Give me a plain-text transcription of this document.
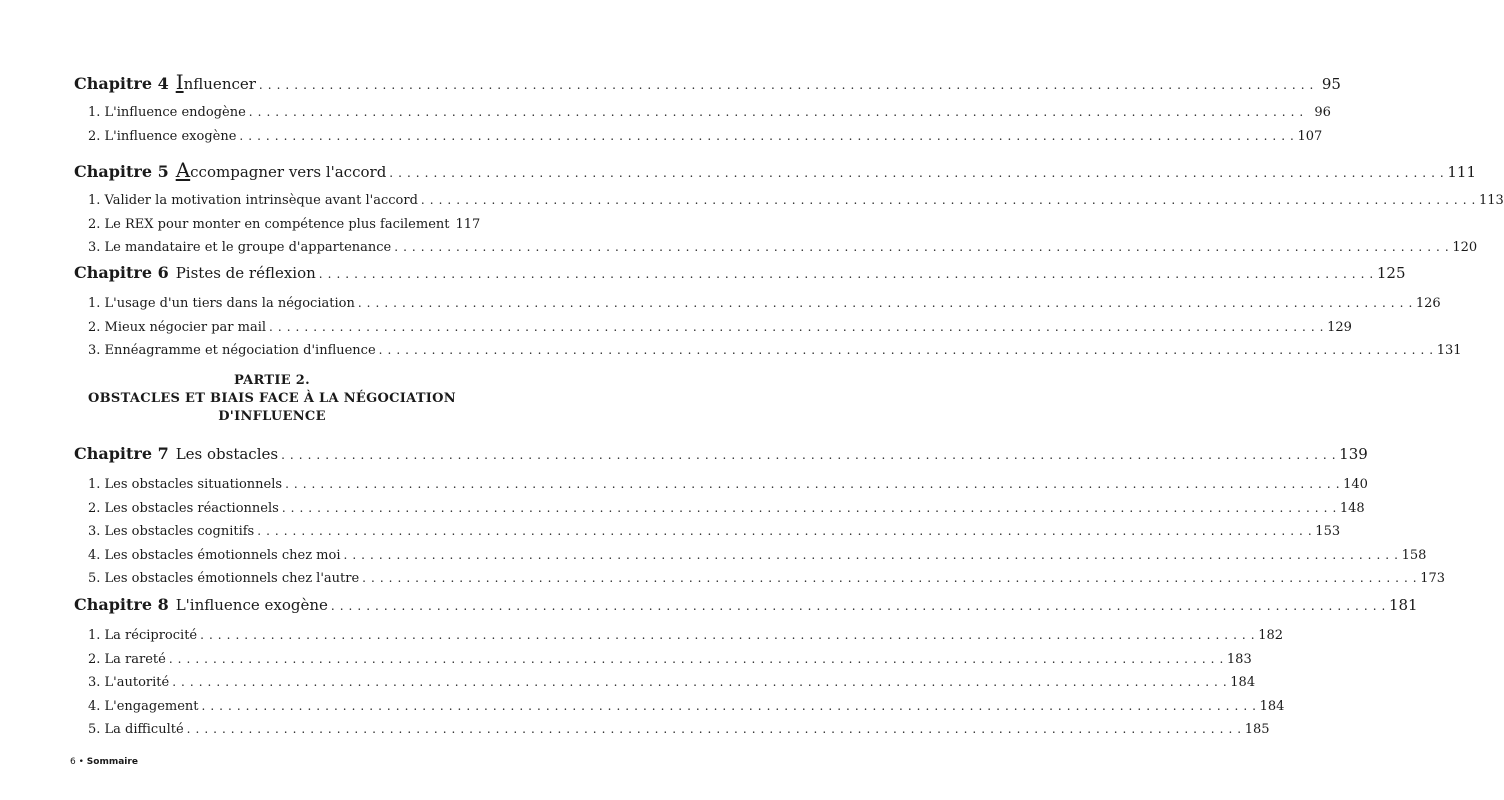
Chapitre 4 Influencer . . . . . . . . . . . . . . . . . . . . . . . . . . . . . . . . . . . . . . . . . . . . . . . . . . . . . . . . . . . . . . . . . . . . . . . . . . . . . . . . . . . . . . . . . . . . . . . . . . . . . . . . . . . . . . . . . . . . . . . . 95
1. L'influence endogène . . . . . . . . . . . . . . . . . . . . . . . . . . . . . . . . . . . . . . . . . . . . . . . . . . . . . . . . . . . . . . . . . . . . . . . . . . . . . . . . . . . . . . . . . . . . . . . . . . . . . . . . . . . . . . . . . . . . . . . . 96
2. L'influence exogène . . . . . . . . . . . . . . . . . . . . . . . . . . . . . . . . . . . . . . . . . . . . . . . . . . . . . . . . . . . . . . . . . . . . . . . . . . . . . . . . . . . . . . . . . . . . . . . . . . . . . . . . . . . . . . . . . . . . . . . . 107
Chapitre 5 Accompagner vers l'accord . . . . . . . . . . . . . . . . . . . . . . . . . . . . . . . . . . . . . . . . . . . . . . . . . . . . . . . . . . . . . . . . . . . . . . . . . . . . . . . . . . . . . . . . . . . . . . . . . . . . . . . . . . . . . . . . . . . . . . . . 111
1. Valider la motivation intrinsèque avant l'accord . . . . . . . . . . . . . . . . . . . . . . . . . . . . . . . . . . . . . . . . . . . . . . . . . . . . . . . . . . . . . . . . . . . . . . . . . . . . . . . . . . . . . . . . . . . . . . . . . . . . . . . . . . . . . . . . . . . . . . . . 113
2. Le REX pour monter en compétence plus facilement 117
3. Le mandataire et le groupe d'appartenance . . . . . . . . . . . . . . . . . . . . . . . . . . . . . . . . . . . . . . . . . . . . . . . . . . . . . . . . . . . . . . . . . . . . . . . . . . . . . . . . . . . . . . . . . . . . . . . . . . . . . . . . . . . . . . . . . . . . . . . . 120
Chapitre 6 Pistes de réflexion . . . . . . . . . . . . . . . . . . . . . . . . . . . . . . . . . . . . . . . . . . . . . . . . . . . . . . . . . . . . . . . . . . . . . . . . . . . . . . . . . . . . . . . . . . . . . . . . . . . . . . . . . . . . . . . . . . . . . . . . 125
1. L'usage d'un tiers dans la négociation . . . . . . . . . . . . . . . . . . . . . . . . . . . . . . . . . . . . . . . . . . . . . . . . . . . . . . . . . . . . . . . . . . . . . . . . . . . . . . . . . . . . . . . . . . . . . . . . . . . . . . . . . . . . . . . . . . . . . . . . 126
2. Mieux négocier par mail . . . . . . . . . . . . . . . . . . . . . . . . . . . . . . . . . . . . . . . . . . . . . . . . . . . . . . . . . . . . . . . . . . . . . . . . . . . . . . . . . . . . . . . . . . . . . . . . . . . . . . . . . . . . . . . . . . . . . . . . 129
3. Ennéagramme et négociation d'influence . . . . . . . . . . . . . . . . . . . . . . . . . . . . . . . . . . . . . . . . . . . . . . . . . . . . . . . . . . . . . . . . . . . . . . . . . . . . . . . . . . . . . . . . . . . . . . . . . . . . . . . . . . . . . . . . . . . . . . . . 131
Chapitre 7 Les obstacles . . . . . . . . . . . . . . . . . . . . . . . . . . . . . . . . . . . . . . . . . . . . . . . . . . . . . . . . . . . . . . . . . . . . . . . . . . . . . . . . . . . . . . . . . . . . . . . . . . . . . . . . . . . . . . . . . . . . . . . . 139
1. Les obstacles situationnels . . . . . . . . . . . . . . . . . . . . . . . . . . . . . . . . . . . . . . . . . . . . . . . . . . . . . . . . . . . . . . . . . . . . . . . . . . . . . . . . . . . . . . . . . . . . . . . . . . . . . . . . . . . . . . . . . . . . . . . . 140
2. Les obstacles réactionnels . . . . . . . . . . . . . . . . . . . . . . . . . . . . . . . . . . . . . . . . . . . . . . . . . . . . . . . . . . . . . . . . . . . . . . . . . . . . . . . . . . . . . . . . . . . . . . . . . . . . . . . . . . . . . . . . . . . . . . . . 148
3. Les obstacles cognitifs . . . . . . . . . . . . . . . . . . . . . . . . . . . . . . . . . . . . . . . . . . . . . . . . . . . . . . . . . . . . . . . . . . . . . . . . . . . . . . . . . . . . . . . . . . . . . . . . . . . . . . . . . . . . . . . . . . . . . . . . 153
4. Les obstacles émotionnels chez moi . . . . . . . . . . . . . . . . . . . . . . . . . . . . . . . . . . . . . . . . . . . . . . . . . . . . . . . . . . . . . . . . . . . . . . . . . . . . . . . . . . . . . . . . . . . . . . . . . . . . . . . . . . . . . . . . . . . . . . . . 158
5. Les obstacles émotionnels chez l'autre . . . . . . . . . . . . . . . . . . . . . . . . . . . . . . . . . . . . . . . . . . . . . . . . . . . . . . . . . . . . . . . . . . . . . . . . . . . . . . . . . . . . . . . . . . . . . . . . . . . . . . . . . . . . . . . . . . . . . . . . 173
Chapitre 8 L'influence exogène . . . . . . . . . . . . . . . . . . . . . . . . . . . . . . . . . . . . . . . . . . . . . . . . . . . . . . . . . . . . . . . . . . . . . . . . . . . . . . . . . . . . . . . . . . . . . . . . . . . . . . . . . . . . . . . . . . . . . . . . 181
1. La réciprocité . . . . . . . . . . . . . . . . . . . . . . . . . . . . . . . . . . . . . . . . . . . . . . . . . . . . . . . . . . . . . . . . . . . . . . . . . . . . . . . . . . . . . . . . . . . . . . . . . . . . . . . . . . . . . . . . . . . . . . . . 182
2. La rareté . . . . . . . . . . . . . . . . . . . . . . . . . . . . . . . . . . . . . . . . . . . . . . . . . . . . . . . . . . . . . . . . . . . . . . . . . . . . . . . . . . . . . . . . . . . . . . . . . . . . . . . . . . . . . . . . . . . . . . . . 183
3. L'autorité . . . . . . . . . . . . . . . . . . . . . . . . . . . . . . . . . . . . . . . . . . . . . . . . . . . . . . . . . . . . . . . . . . . . . . . . . . . . . . . . . . . . . . . . . . . . . . . . . . . . . . . . . . . . . . . . . . . . . . . . 184
4. L'engagement . . . . . . . . . . . . . . . . . . . . . . . . . . . . . . . . . . . . . . . . . . . . . . . . . . . . . . . . . . . . . . . . . . . . . . . . . . . . . . . . . . . . . . . . . . . . . . . . . . . . . . . . . . . . . . . . . . . . . . . . 184
5. La difficulté . . . . . . . . . . . . . . . . . . . . . . . . . . . . . . . . . . . . . . . . . . . . . . . . . . . . . . . . . . . . . . . . . . . . . . . . . . . . . . . . . . . . . . . . . . . . . . . . . . . . . . . . . . . . . . . . . . . . . . . . 185
PARTIE 2.
OBSTACLES ET BIAIS FACE À LA NÉGOCIATION
D'INFLUENCE
6 • Sommaire
